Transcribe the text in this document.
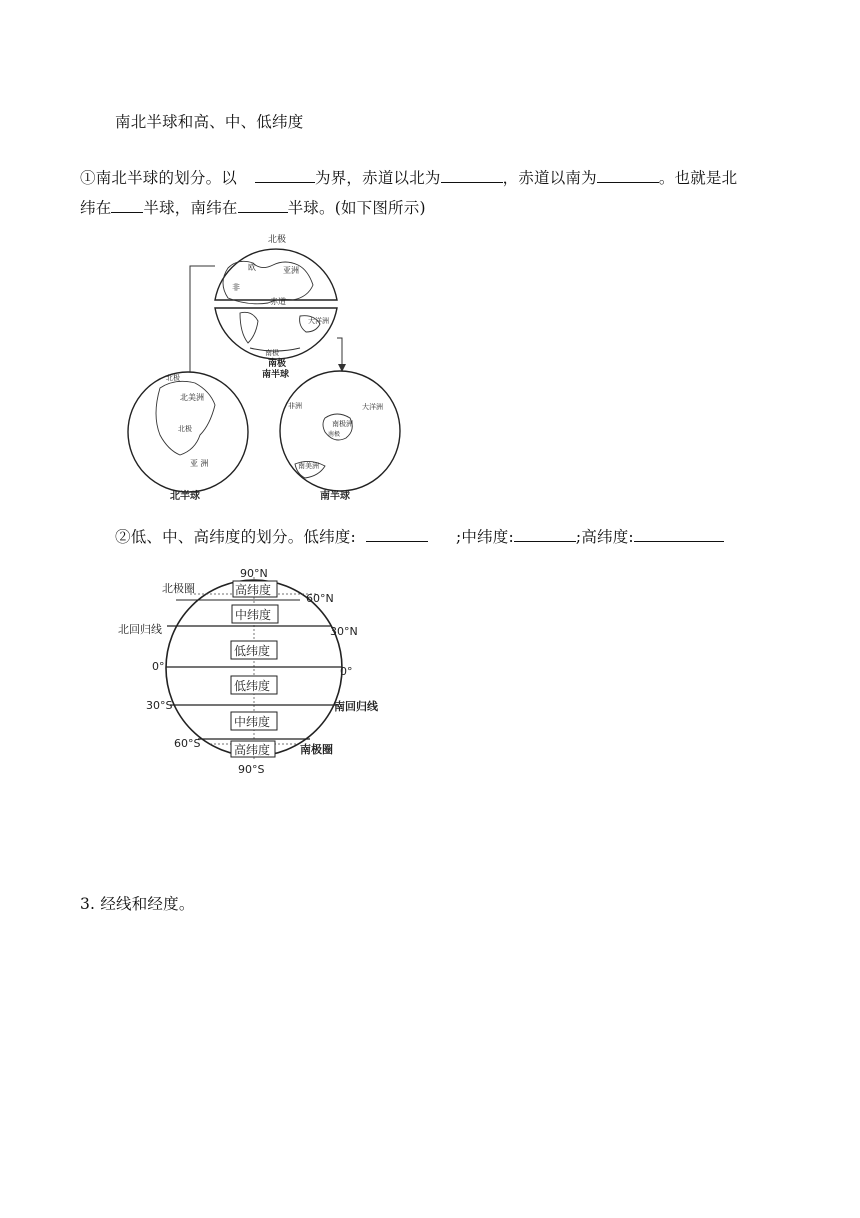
南北半球和高、中、低纬度
①南北半球的划分。以	为界，赤道以北为	，赤道以南为	。也就是北
纬在 半球，南纬在	半球。(如下图所示)
北极
亚洲
欧
非
赤道
大洋洲
南极
南极
南半球
北极
北美洲
北极
亚 洲
北半球
非洲	大洋洲
南极洲
南极
南美洲
南半球
②低、中、高纬度的划分。低纬度:	;中纬度:	;高纬度:
高纬度
中纬度
低纬度
低纬度
中纬度
高纬度
90°N
90°S
北极圈
60°N
北回归线	30°N
0°	0°
30°S	南回归线
60°S	南极圈
3. 经线和经度。
